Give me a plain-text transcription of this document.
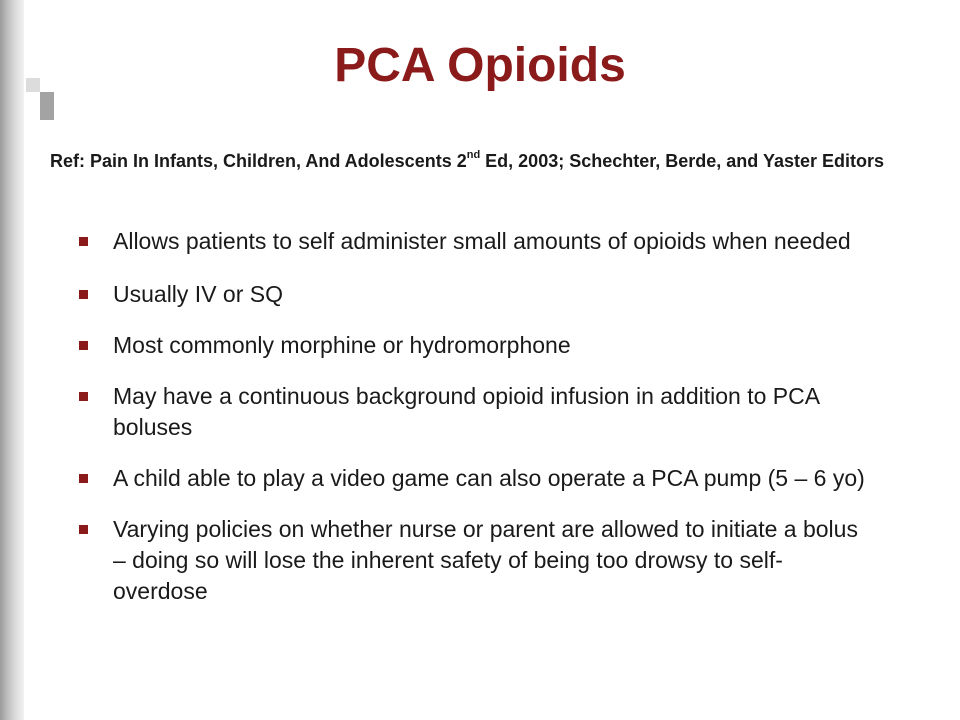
PCA Opioids
Ref: Pain In Infants, Children, And Adolescents 2nd Ed, 2003; Schechter, Berde, and Yaster Editors
Allows patients to self administer small amounts of opioids when needed
Usually IV or SQ
Most commonly morphine or hydromorphone
May have a continuous background opioid infusion in addition to PCA boluses
A child able to play a video game can also operate a PCA pump (5 – 6 yo)
Varying policies on whether nurse or parent are allowed to initiate a bolus – doing so will lose the inherent safety of being too drowsy to self-overdose
